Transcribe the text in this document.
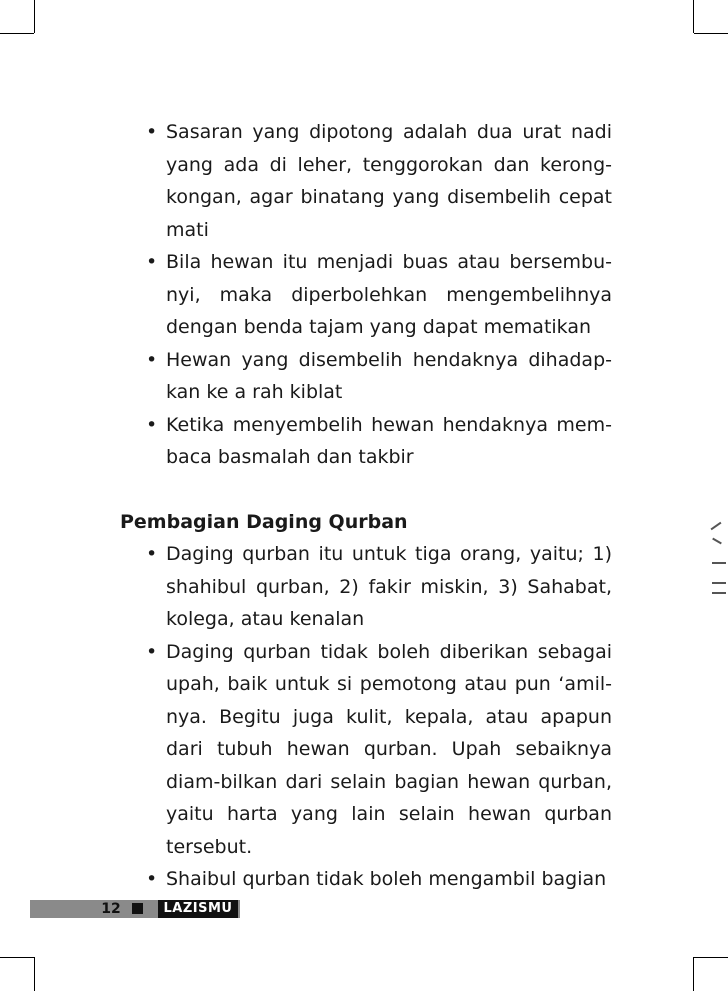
• Sasaran yang dipotong adalah dua urat nadi yang ada di leher, tenggorokan dan kerong-kongan, agar binatang yang disembelih cepat mati
• Bila hewan itu menjadi buas atau bersembu-nyi, maka diperbolehkan mengembelihnya dengan benda tajam yang dapat mematikan
• Hewan yang disembelih hendaknya dihadap-kan ke a rah kiblat
• Ketika menyembelih hewan hendaknya mem-baca basmalah dan takbir
Pembagian Daging Qurban
• Daging qurban itu untuk tiga orang, yaitu; 1) shahibul qurban, 2) fakir miskin, 3) Sahabat, kolega, atau kenalan
• Daging qurban tidak boleh diberikan sebagai upah, baik untuk si pemotong atau pun ‘amil-nya. Begitu juga kulit, kepala, atau apapun dari tubuh hewan qurban. Upah sebaiknya diam-bilkan dari selain bagian hewan qurban, yaitu harta yang lain selain hewan qurban tersebut.
• Shaibul qurban tidak boleh mengambil bagian
12	LAZISMU
